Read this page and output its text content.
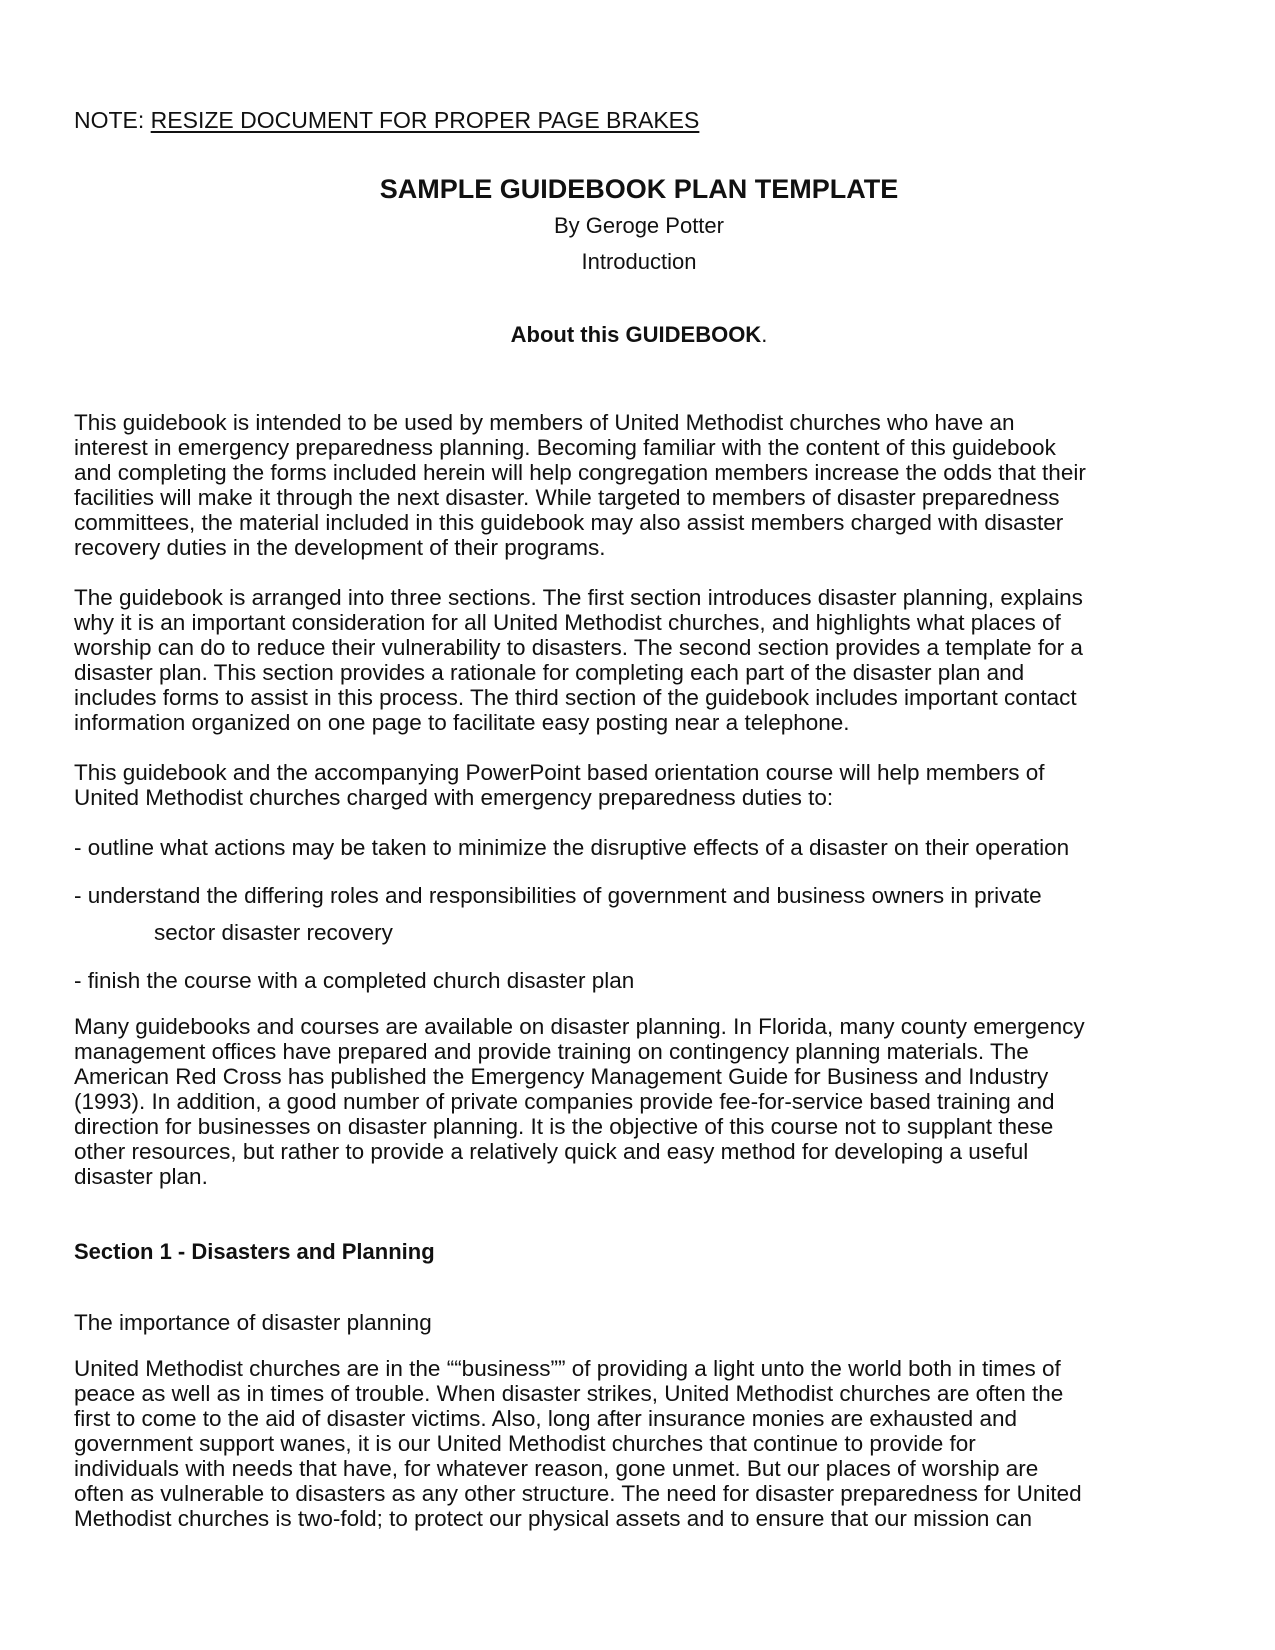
NOTE: RESIZE DOCUMENT FOR PROPER PAGE BRAKES
SAMPLE GUIDEBOOK PLAN TEMPLATE
By Geroge Potter
Introduction
About this GUIDEBOOK.
This guidebook is intended to be used by members of United Methodist churches who have an
interest in emergency preparedness planning. Becoming familiar with the content of this guidebook
and completing the forms included herein will help congregation members increase the odds that their
facilities will make it through the next disaster. While targeted to members of disaster preparedness
committees, the material included in this guidebook may also assist members charged with disaster
recovery duties in the development of their programs.
The guidebook is arranged into three sections. The first section introduces disaster planning, explains
why it is an important consideration for all United Methodist churches, and highlights what places of
worship can do to reduce their vulnerability to disasters. The second section provides a template for a
disaster plan. This section provides a rationale for completing each part of the disaster plan and
includes forms to assist in this process. The third section of the guidebook includes important contact
information organized on one page to facilitate easy posting near a telephone.
This guidebook and the accompanying PowerPoint based orientation course will help members of
United Methodist churches charged with emergency preparedness duties to:
- outline what actions may be taken to minimize the disruptive effects of a disaster on their operation
- understand the differing roles and responsibilities of government and business owners in private
sector disaster recovery
- finish the course with a completed church disaster plan
Many guidebooks and courses are available on disaster planning. In Florida, many county emergency
management offices have prepared and provide training on contingency planning materials. The
American Red Cross has published the Emergency Management Guide for Business and Industry
(1993). In addition, a good number of private companies provide fee-for-service based training and
direction for businesses on disaster planning. It is the objective of this course not to supplant these
other resources, but rather to provide a relatively quick and easy method for developing a useful
disaster plan.
Section 1 - Disasters and Planning
The importance of disaster planning
United Methodist churches are in the ““business”” of providing a light unto the world both in times of
peace as well as in times of trouble. When disaster strikes, United Methodist churches are often the
first to come to the aid of disaster victims. Also, long after insurance monies are exhausted and
government support wanes, it is our United Methodist churches that continue to provide for
individuals with needs that have, for whatever reason, gone unmet. But our places of worship are
often as vulnerable to disasters as any other structure. The need for disaster preparedness for United
Methodist churches is two-fold; to protect our physical assets and to ensure that our mission can
